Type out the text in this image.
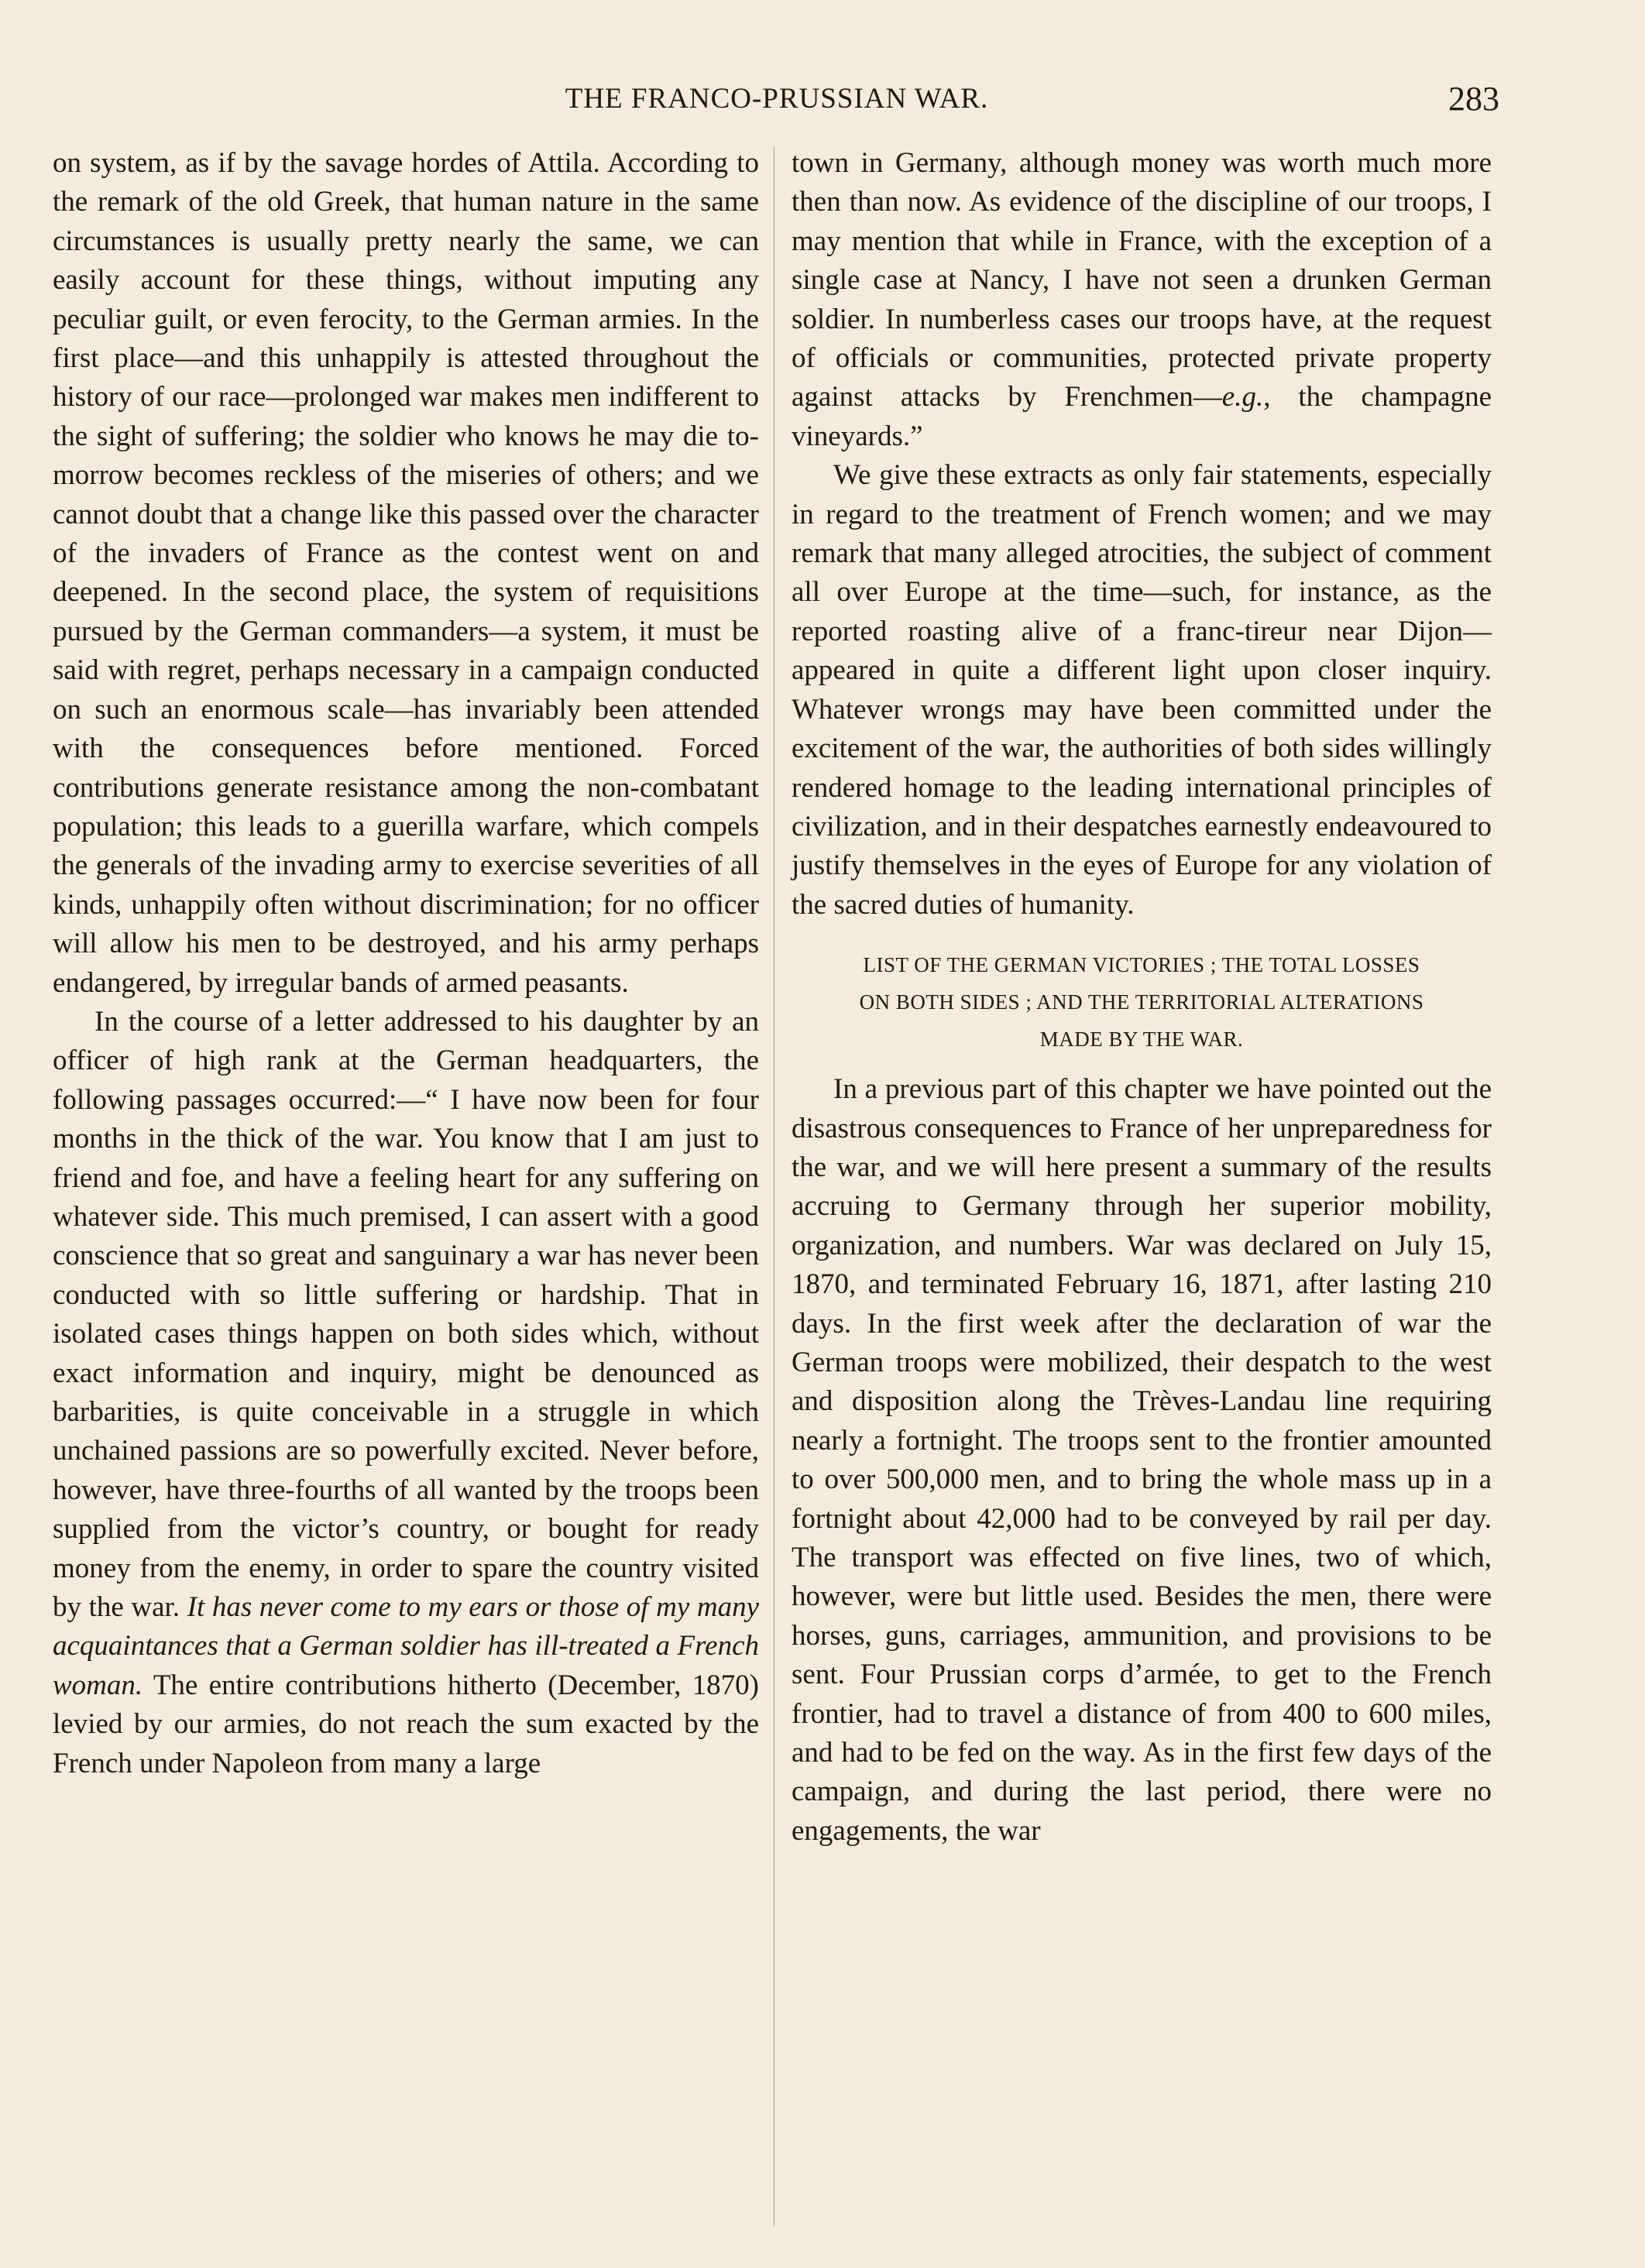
THE FRANCO-PRUSSIAN WAR.	283

on system, as if by the savage hordes of Attila. According to the remark of the old Greek, that human nature in the same circumstances is usually pretty nearly the same, we can easily account for these things, without imputing any peculiar guilt, or even ferocity, to the German armies. In the first place—and this unhappily is attested throughout the history of our race—prolonged war makes men indifferent to the sight of suffering; the soldier who knows he may die to-morrow becomes reckless of the miseries of others; and we cannot doubt that a change like this passed over the character of the invaders of France as the contest went on and deepened. In the second place, the system of requisitions pursued by the German commanders—a system, it must be said with regret, perhaps necessary in a campaign conducted on such an enormous scale—has invariably been attended with the consequences before mentioned. Forced contributions generate resistance among the non-combatant population; this leads to a guerilla warfare, which compels the generals of the invading army to exercise severities of all kinds, unhappily often without discrimination; for no officer will allow his men to be destroyed, and his army perhaps endangered, by irregular bands of armed peasants.

In the course of a letter addressed to his daughter by an officer of high rank at the German headquarters, the following passages occurred:—“ I have now been for four months in the thick of the war. You know that I am just to friend and foe, and have a feeling heart for any suffering on whatever side. This much premised, I can assert with a good conscience that so great and sanguinary a war has never been conducted with so little suffering or hardship. That in isolated cases things happen on both sides which, without exact information and inquiry, might be denounced as barbarities, is quite conceivable in a struggle in which unchained passions are so powerfully excited. Never before, however, have three-fourths of all wanted by the troops been supplied from the victor’s country, or bought for ready money from the enemy, in order to spare the country visited by the war. It has never come to my ears or those of my many acquaintances that a German soldier has ill-treated a French woman. The entire contributions hitherto (December, 1870) levied by our armies, do not reach the sum exacted by the French under Napoleon from many a large

town in Germany, although money was worth much more then than now. As evidence of the discipline of our troops, I may mention that while in France, with the exception of a single case at Nancy, I have not seen a drunken German soldier. In numberless cases our troops have, at the request of officials or communities, protected private property against attacks by Frenchmen—e.g., the champagne vineyards.”

We give these extracts as only fair statements, especially in regard to the treatment of French women; and we may remark that many alleged atrocities, the subject of comment all over Europe at the time—such, for instance, as the reported roasting alive of a franc-tireur near Dijon—appeared in quite a different light upon closer inquiry. Whatever wrongs may have been committed under the excitement of the war, the authorities of both sides willingly rendered homage to the leading international principles of civilization, and in their despatches earnestly endeavoured to justify themselves in the eyes of Europe for any violation of the sacred duties of humanity.

LIST OF THE GERMAN VICTORIES ; THE TOTAL LOSSES
ON BOTH SIDES ; AND THE TERRITORIAL ALTERATIONS
MADE BY THE WAR.

In a previous part of this chapter we have pointed out the disastrous consequences to France of her unpreparedness for the war, and we will here present a summary of the results accruing to Germany through her superior mobility, organization, and numbers. War was declared on July 15, 1870, and terminated February 16, 1871, after lasting 210 days. In the first week after the declaration of war the German troops were mobilized, their despatch to the west and disposition along the Trèves-Landau line requiring nearly a fortnight. The troops sent to the frontier amounted to over 500,000 men, and to bring the whole mass up in a fortnight about 42,000 had to be conveyed by rail per day. The transport was effected on five lines, two of which, however, were but little used. Besides the men, there were horses, guns, carriages, ammunition, and provisions to be sent. Four Prussian corps d’armée, to get to the French frontier, had to travel a distance of from 400 to 600 miles, and had to be fed on the way. As in the first few days of the campaign, and during the last period, there were no engagements, the war
